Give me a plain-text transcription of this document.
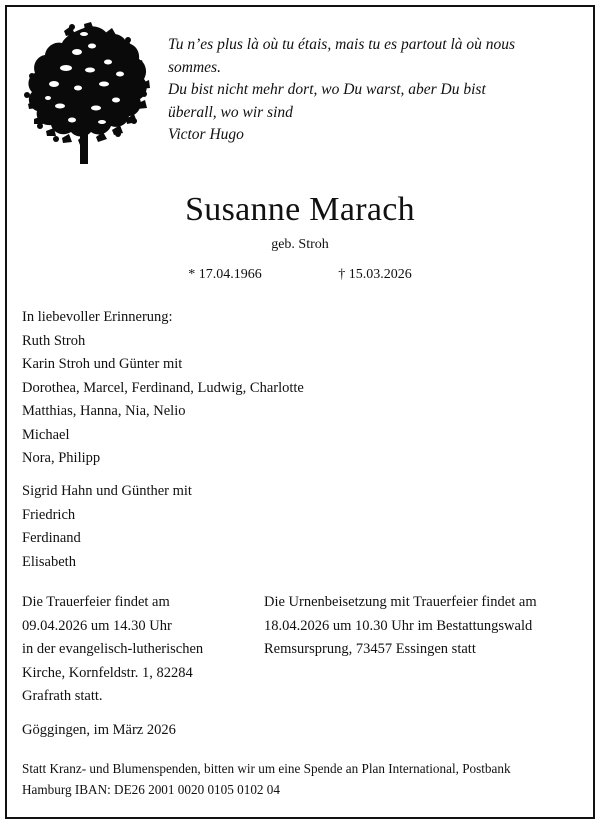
Tu n’es plus là où tu étais, mais tu es partout là où nous
sommes.
Du bist nicht mehr dort, wo Du warst, aber Du bist
überall, wo wir sind
Victor Hugo
Susanne Marach
geb. Stroh
* 17.04.1966	† 15.03.2026
In liebevoller Erinnerung:
Ruth Stroh
Karin Stroh und Günter mit
Dorothea, Marcel, Ferdinand, Ludwig, Charlotte
Matthias, Hanna, Nia, Nelio
Michael
Nora, Philipp
Sigrid Hahn und Günther mit
Friedrich
Ferdinand
Elisabeth
Die Trauerfeier findet am
09.04.2026 um 14.30 Uhr
in der evangelisch-lutherischen
Kirche, Kornfeldstr. 1, 82284
Grafrath statt.
Die Urnenbeisetzung mit Trauerfeier findet am
18.04.2026 um 10.30 Uhr im Bestattungswald
Remsursprung, 73457 Essingen statt
Göggingen, im März 2026
Statt Kranz- und Blumenspenden, bitten wir um eine Spende an Plan International, Postbank
Hamburg IBAN: DE26 2001 0020 0105 0102 04
